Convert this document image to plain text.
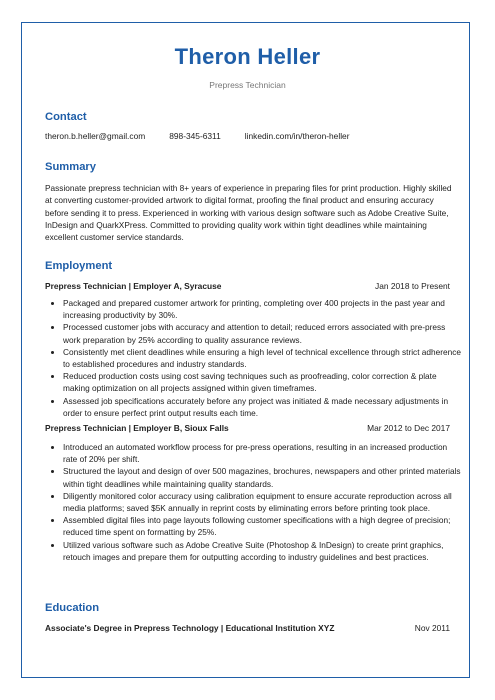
Theron Heller
Prepress Technician
Contact
theron.b.heller@gmail.com	898-345-6311	linkedin.com/in/theron-heller
Summary
Passionate prepress technician with 8+ years of experience in preparing files for print production. Highly skilled at converting customer-provided artwork to digital format, proofing the final product and ensuring accuracy before sending it to press. Experienced in working with various design software such as Adobe Creative Suite, InDesign and QuarkXPress. Committed to providing quality work within tight deadlines while maintaining excellent customer service standards.
Employment
Prepress Technician | Employer A, Syracuse	Jan 2018 to Present
• Packaged and prepared customer artwork for printing, completing over 400 projects in the past year and increasing productivity by 30%.
• Processed customer jobs with accuracy and attention to detail; reduced errors associated with pre-press work preparation by 25% according to quality assurance reviews.
• Consistently met client deadlines while ensuring a high level of technical excellence through strict adherence to established procedures and industry standards.
• Reduced production costs using cost saving techniques such as proofreading, color correction & plate making optimization on all projects assigned within given timeframes.
• Assessed job specifications accurately before any project was initiated & made necessary adjustments in order to ensure perfect print output results each time.
Prepress Technician | Employer B, Sioux Falls	Mar 2012 to Dec 2017
• Introduced an automated workflow process for pre-press operations, resulting in an increased production rate of 20% per shift.
• Structured the layout and design of over 500 magazines, brochures, newspapers and other printed materials within tight deadlines while maintaining quality standards.
• Diligently monitored color accuracy using calibration equipment to ensure accurate reproduction across all media platforms; saved $5K annually in reprint costs by eliminating errors before printing took place.
• Assembled digital files into page layouts following customer specifications with a high degree of precision; reduced time spent on formatting by 25%.
• Utilized various software such as Adobe Creative Suite (Photoshop & InDesign) to create print graphics, retouch images and prepare them for outputting according to industry guidelines and best practices.
Education
Associate's Degree in Prepress Technology | Educational Institution XYZ	Nov 2011
